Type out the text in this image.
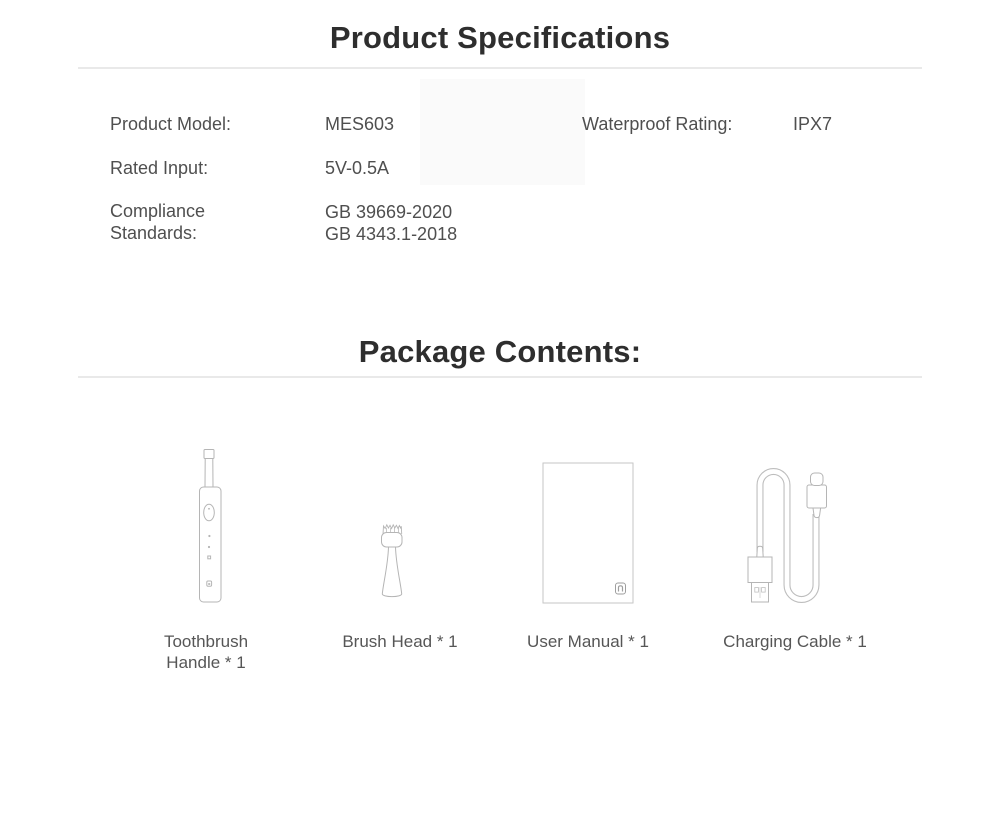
Product Specifications
Product Model:	MES603	Waterproof Rating:	IPX7
Rated Input:	5V-0.5A
Compliance Standards:
GB 39669-2020
GB 4343.1-2018
Package Contents:
Toothbrush Handle * 1
Brush Head * 1	User Manual * 1	Charging Cable * 1
